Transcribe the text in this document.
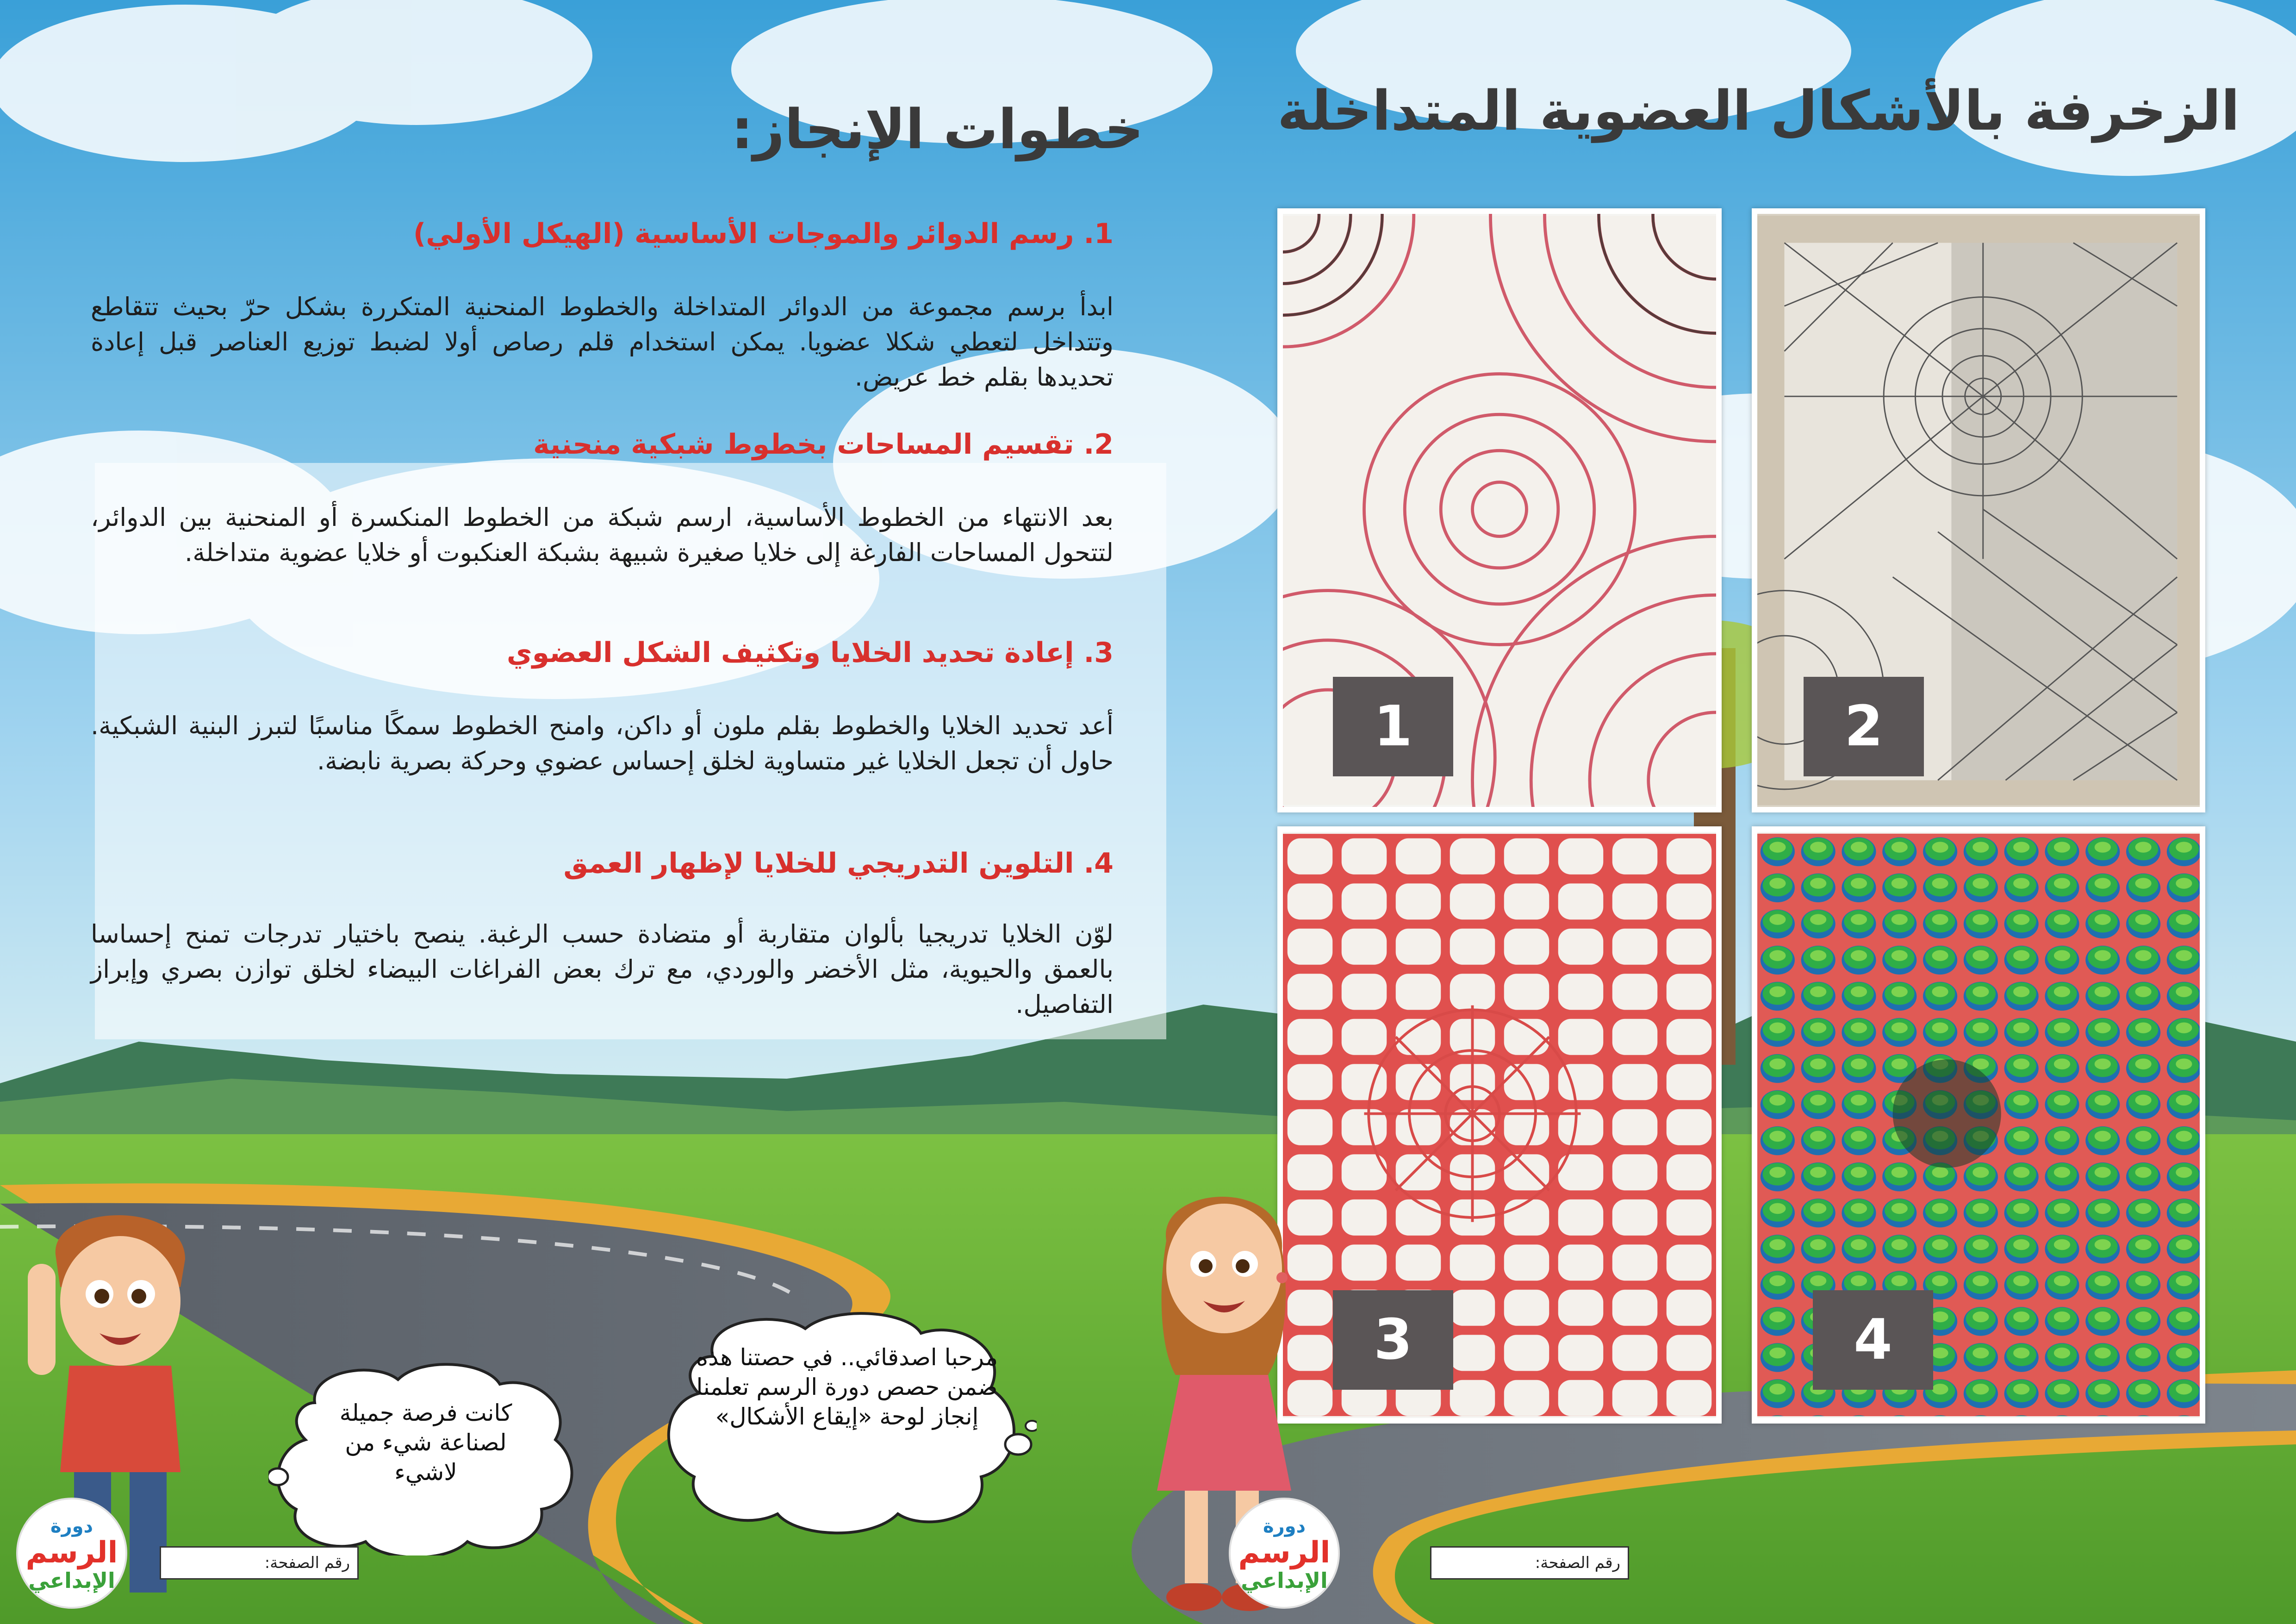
الزخرفة بالأشكال العضوية المتداخلة
خطوات الإنجاز:
1. رسم الدوائر والموجات الأساسية (الهيكل الأولي)
ابدأ برسم مجموعة من الدوائر المتداخلة والخطوط المنحنية المتكررة بشكل حرّ بحيث تتقاطع وتتداخل لتعطي شكلا عضويا. يمكن استخدام قلم رصاص أولا لضبط توزيع العناصر قبل إعادة تحديدها بقلم خط عريض.
2. تقسيم المساحات بخطوط شبكية منحنية
بعد الانتهاء من الخطوط الأساسية، ارسم شبكة من الخطوط المنكسرة أو المنحنية بين الدوائر، لتتحول المساحات الفارغة إلى خلايا صغيرة شبيهة بشبكة العنكبوت أو خلايا عضوية متداخلة.
3. إعادة تحديد الخلايا وتكثيف الشكل العضوي
أعد تحديد الخلايا والخطوط بقلم ملون أو داكن، وامنح الخطوط سمكًا مناسبًا لتبرز البنية الشبكية. حاول أن تجعل الخلايا غير متساوية لخلق إحساس عضوي وحركة بصرية نابضة.
4. التلوين التدريجي للخلايا لإظهار العمق
لوّن الخلايا تدريجيا بألوان متقاربة أو متضادة حسب الرغبة. ينصح باختيار تدرجات تمنح إحساسا بالعمق والحيوية، مثل الأخضر والوردي، مع ترك بعض الفراغات البيضاء لخلق توازن بصري وإبراز التفاصيل.
1	2
3	4
مرحبا اصدقائي.. في حصتنا هذه ضمن حصص دورة الرسم تعلمنا إنجاز لوحة «إيقاع الأشكال»
كانت فرصة جميلة لصناعة شيء من لاشيء
رقم الصفحة:
رقم الصفحة:
دورة
الرسم
الإبداعي
دورة
الرسم
الإبداعي
